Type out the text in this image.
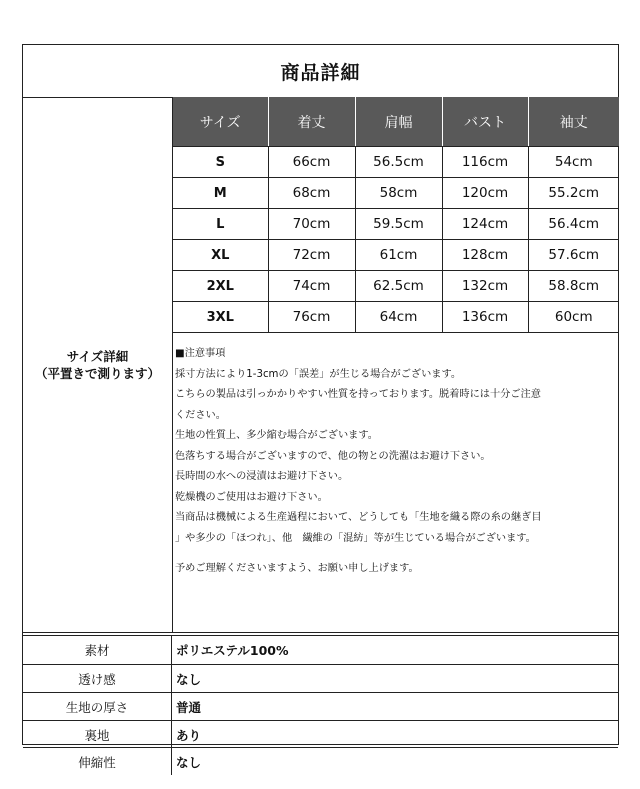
商品詳細
サイズ詳細
（平置きで測ります）
サイズ	着丈	肩幅	バスト	袖丈
S	66cm	56.5cm	116cm	54cm
M	68cm	58cm	120cm	55.2cm
L	70cm	59.5cm	124cm	56.4cm
XL	72cm	61cm	128cm	57.6cm
2XL	74cm	62.5cm	132cm	58.8cm
3XL	76cm	64cm	136cm	60cm
■注意事項
採寸方法により1-3cmの「誤差」が生じる場合がございます。
こちらの製品は引っかかりやすい性質を持っております。脱着時には十分ご注意
ください。
生地の性質上、多少縮む場合がございます。
色落ちする場合がございますので、他の物との洗濯はお避け下さい。
長時間の水への浸漬はお避け下さい。
乾燥機のご使用はお避け下さい。
当商品は機械による生産過程において、どうしても「生地を織る際の糸の継ぎ目
」や多少の「ほつれ」、他　繊維の「混紡」等が生じている場合がございます。
予めご理解くださいますよう、お願い申し上げます。
素材	ポリエステル100%
透け感	なし
生地の厚さ	普通
裏地	あり
伸縮性	なし
